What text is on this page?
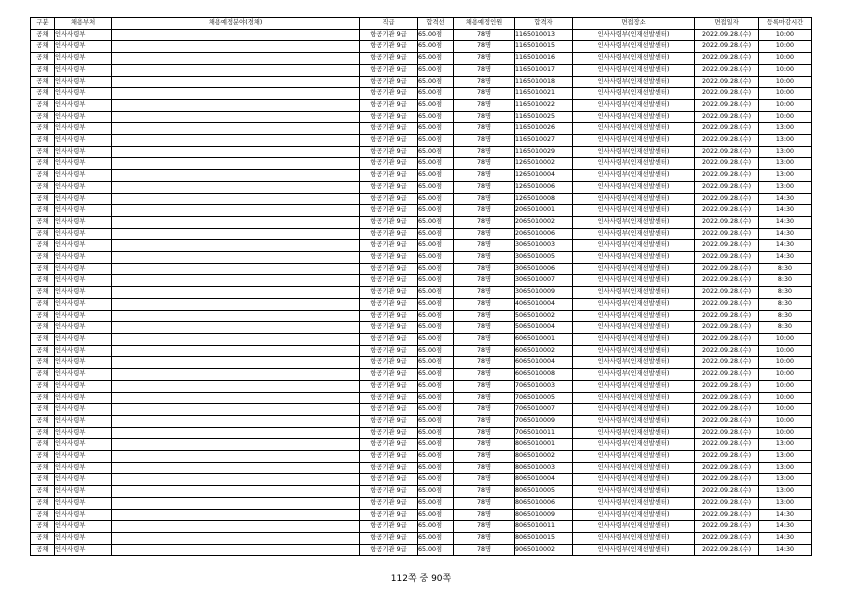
구분	채용부처	채용예정분야(경채)	직급	합격선	채용예정인원	합격자	면접장소	면접일자	등록마감시간
공채	인사사령부		항공기관 9급	65.00점	78명	1165010013	인사사령부(인재선발센터)	2022.09.28.(수)	10:00
공채	인사사령부		항공기관 9급	65.00점	78명	1165010015	인사사령부(인재선발센터)	2022.09.28.(수)	10:00
공채	인사사령부		항공기관 9급	65.00점	78명	1165010016	인사사령부(인재선발센터)	2022.09.28.(수)	10:00
공채	인사사령부		항공기관 9급	65.00점	78명	1165010017	인사사령부(인재선발센터)	2022.09.28.(수)	10:00
공채	인사사령부		항공기관 9급	65.00점	78명	1165010018	인사사령부(인재선발센터)	2022.09.28.(수)	10:00
공채	인사사령부		항공기관 9급	65.00점	78명	1165010021	인사사령부(인재선발센터)	2022.09.28.(수)	10:00
공채	인사사령부		항공기관 9급	65.00점	78명	1165010022	인사사령부(인재선발센터)	2022.09.28.(수)	10:00
공채	인사사령부		항공기관 9급	65.00점	78명	1165010025	인사사령부(인재선발센터)	2022.09.28.(수)	10:00
공채	인사사령부		항공기관 9급	65.00점	78명	1165010026	인사사령부(인재선발센터)	2022.09.28.(수)	13:00
공채	인사사령부		항공기관 9급	65.00점	78명	1165010027	인사사령부(인재선발센터)	2022.09.28.(수)	13:00
공채	인사사령부		항공기관 9급	65.00점	78명	1165010029	인사사령부(인재선발센터)	2022.09.28.(수)	13:00
공채	인사사령부		항공기관 9급	65.00점	78명	1265010002	인사사령부(인재선발센터)	2022.09.28.(수)	13:00
공채	인사사령부		항공기관 9급	65.00점	78명	1265010004	인사사령부(인재선발센터)	2022.09.28.(수)	13:00
공채	인사사령부		항공기관 9급	65.00점	78명	1265010006	인사사령부(인재선발센터)	2022.09.28.(수)	13:00
공채	인사사령부		항공기관 9급	65.00점	78명	1265010008	인사사령부(인재선발센터)	2022.09.28.(수)	14:30
공채	인사사령부		항공기관 9급	65.00점	78명	2065010001	인사사령부(인재선발센터)	2022.09.28.(수)	14:30
공채	인사사령부		항공기관 9급	65.00점	78명	2065010002	인사사령부(인재선발센터)	2022.09.28.(수)	14:30
공채	인사사령부		항공기관 9급	65.00점	78명	2065010006	인사사령부(인재선발센터)	2022.09.28.(수)	14:30
공채	인사사령부		항공기관 9급	65.00점	78명	3065010003	인사사령부(인재선발센터)	2022.09.28.(수)	14:30
공채	인사사령부		항공기관 9급	65.00점	78명	3065010005	인사사령부(인재선발센터)	2022.09.28.(수)	14:30
공채	인사사령부		항공기관 9급	65.00점	78명	3065010006	인사사령부(인재선발센터)	2022.09.28.(수)	8:30
공채	인사사령부		항공기관 9급	65.00점	78명	3065010007	인사사령부(인재선발센터)	2022.09.28.(수)	8:30
공채	인사사령부		항공기관 9급	65.00점	78명	3065010009	인사사령부(인재선발센터)	2022.09.28.(수)	8:30
공채	인사사령부		항공기관 9급	65.00점	78명	4065010004	인사사령부(인재선발센터)	2022.09.28.(수)	8:30
공채	인사사령부		항공기관 9급	65.00점	78명	5065010002	인사사령부(인재선발센터)	2022.09.28.(수)	8:30
공채	인사사령부		항공기관 9급	65.00점	78명	5065010004	인사사령부(인재선발센터)	2022.09.28.(수)	8:30
공채	인사사령부		항공기관 9급	65.00점	78명	6065010001	인사사령부(인재선발센터)	2022.09.28.(수)	10:00
공채	인사사령부		항공기관 9급	65.00점	78명	6065010002	인사사령부(인재선발센터)	2022.09.28.(수)	10:00
공채	인사사령부		항공기관 9급	65.00점	78명	6065010004	인사사령부(인재선발센터)	2022.09.28.(수)	10:00
공채	인사사령부		항공기관 9급	65.00점	78명	6065010008	인사사령부(인재선발센터)	2022.09.28.(수)	10:00
공채	인사사령부		항공기관 9급	65.00점	78명	7065010003	인사사령부(인재선발센터)	2022.09.28.(수)	10:00
공채	인사사령부		항공기관 9급	65.00점	78명	7065010005	인사사령부(인재선발센터)	2022.09.28.(수)	10:00
공채	인사사령부		항공기관 9급	65.00점	78명	7065010007	인사사령부(인재선발센터)	2022.09.28.(수)	10:00
공채	인사사령부		항공기관 9급	65.00점	78명	7065010009	인사사령부(인재선발센터)	2022.09.28.(수)	10:00
공채	인사사령부		항공기관 9급	65.00점	78명	7065010011	인사사령부(인재선발센터)	2022.09.28.(수)	10:00
공채	인사사령부		항공기관 9급	65.00점	78명	8065010001	인사사령부(인재선발센터)	2022.09.28.(수)	13:00
공채	인사사령부		항공기관 9급	65.00점	78명	8065010002	인사사령부(인재선발센터)	2022.09.28.(수)	13:00
공채	인사사령부		항공기관 9급	65.00점	78명	8065010003	인사사령부(인재선발센터)	2022.09.28.(수)	13:00
공채	인사사령부		항공기관 9급	65.00점	78명	8065010004	인사사령부(인재선발센터)	2022.09.28.(수)	13:00
공채	인사사령부		항공기관 9급	65.00점	78명	8065010005	인사사령부(인재선발센터)	2022.09.28.(수)	13:00
공채	인사사령부		항공기관 9급	65.00점	78명	8065010006	인사사령부(인재선발센터)	2022.09.28.(수)	13:00
공채	인사사령부		항공기관 9급	65.00점	78명	8065010009	인사사령부(인재선발센터)	2022.09.28.(수)	14:30
공채	인사사령부		항공기관 9급	65.00점	78명	8065010011	인사사령부(인재선발센터)	2022.09.28.(수)	14:30
공채	인사사령부		항공기관 9급	65.00점	78명	8065010015	인사사령부(인재선발센터)	2022.09.28.(수)	14:30
공채	인사사령부		항공기관 9급	65.00점	78명	9065010002	인사사령부(인재선발센터)	2022.09.28.(수)	14:30
112쪽 중 90쪽
